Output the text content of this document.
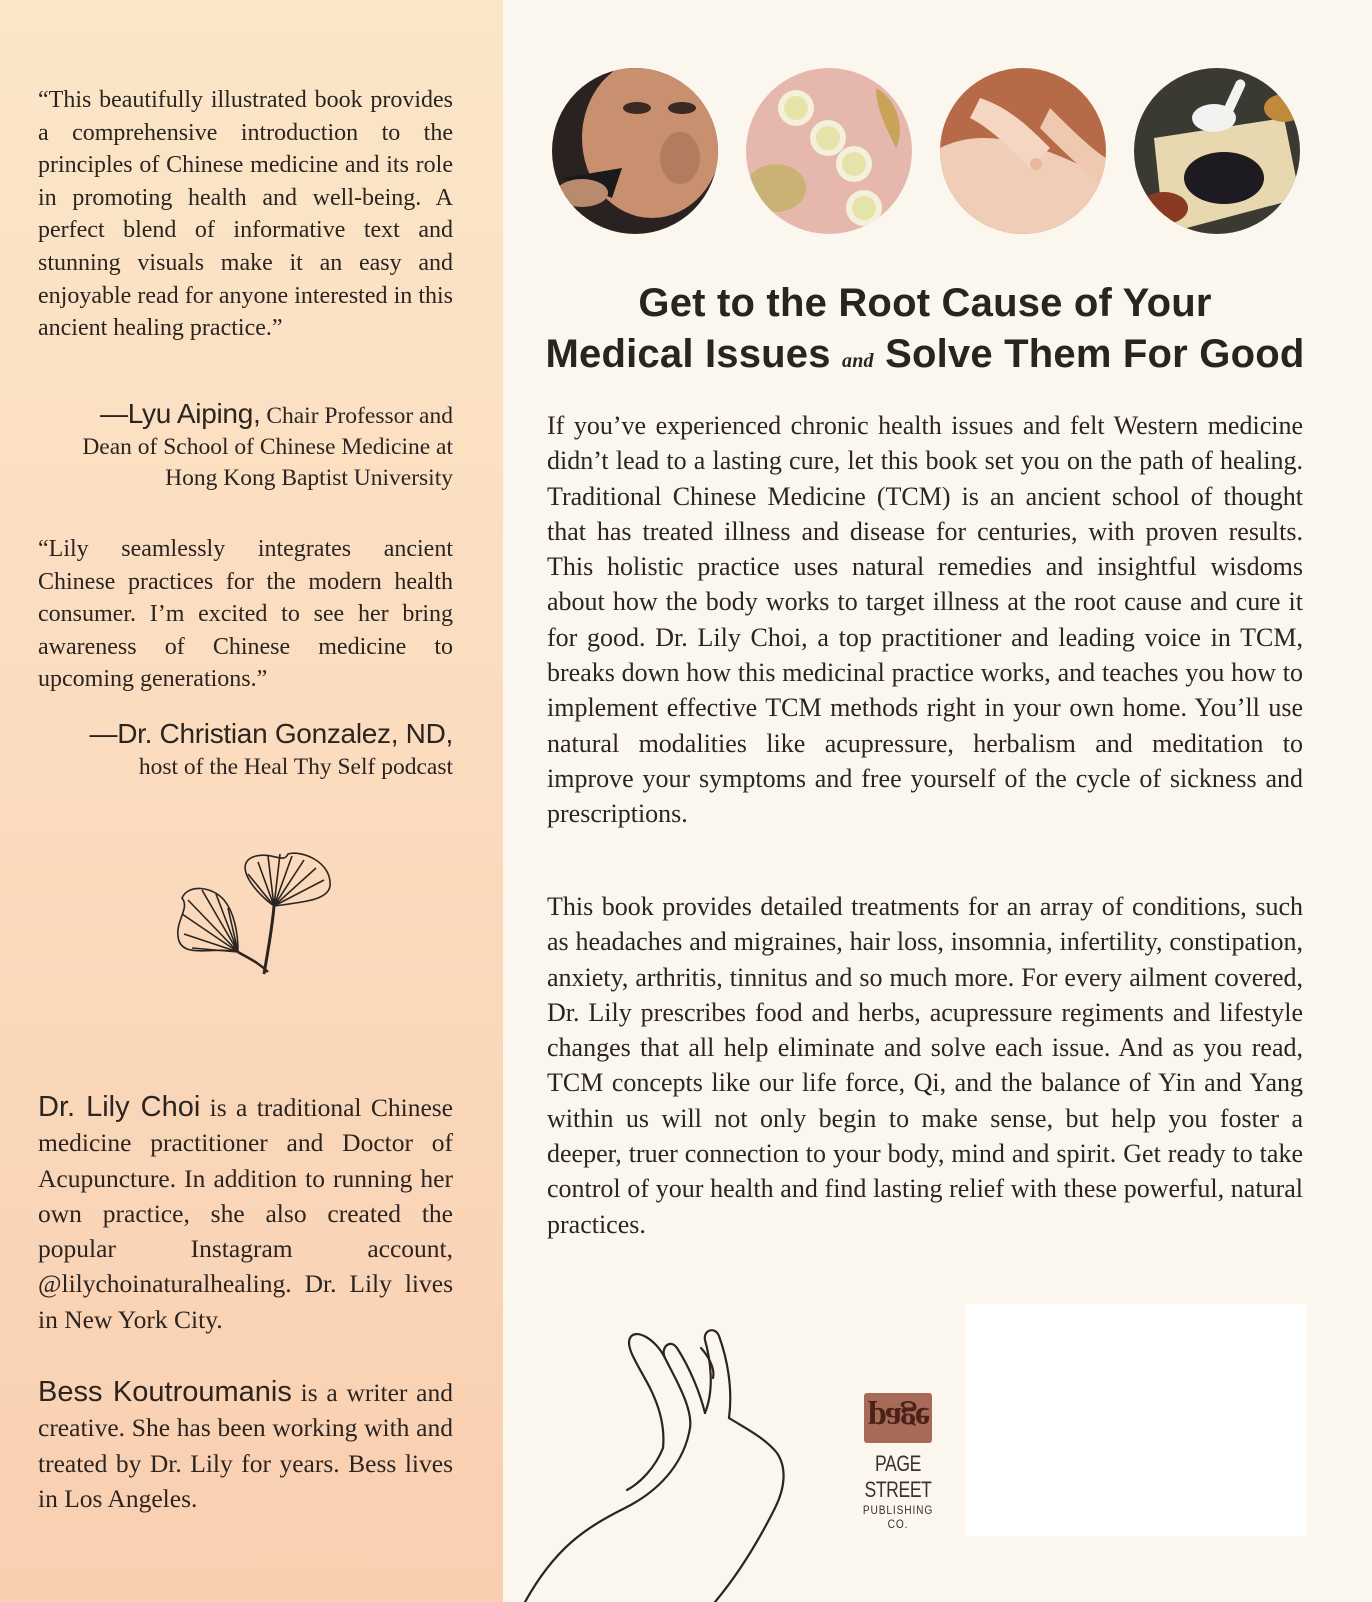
“This beautifully illustrated book provides a comprehensive introduction to the principles of Chinese medicine and its role in promoting health and well-being. A perfect blend of informative text and stunning visuals make it an easy and enjoyable read for anyone interested in this ancient healing practice.”

—Lyu Aiping, Chair Professor and
Dean of School of Chinese Medicine at
Hong Kong Baptist University

“Lily seamlessly integrates ancient Chinese practices for the modern health consumer. I’m excited to see her bring awareness of Chinese medicine to upcoming generations.”

—Dr. Christian Gonzalez, ND,
host of the Heal Thy Self podcast

Dr. Lily Choi is a traditional Chinese medicine practitioner and Doctor of Acupuncture. In addition to running her own practice, she also created the popular Instagram account, @lilychoinaturalhealing. Dr. Lily lives in New York City.

Bess Koutroumanis is a writer and creative. She has been working with and treated by Dr. Lily for years. Bess lives in Los Angeles.

Get to the Root Cause of Your
Medical Issues and Solve Them For Good

If you’ve experienced chronic health issues and felt Western medicine didn’t lead to a lasting cure, let this book set you on the path of healing. Traditional Chinese Medicine (TCM) is an ancient school of thought that has treated illness and disease for centuries, with proven results. This holistic practice uses natural remedies and insightful wisdoms about how the body works to target illness at the root cause and cure it for good. Dr. Lily Choi, a top practitioner and leading voice in TCM, breaks down how this medicinal practice works, and teaches you how to implement effective TCM methods right in your own home. You’ll use natural modalities like acupressure, herbalism and meditation to improve your symptoms and free yourself of the cycle of sickness and prescriptions.

This book provides detailed treatments for an array of conditions, such as headaches and migraines, hair loss, insomnia, infertility, constipation, anxiety, arthritis, tinnitus and so much more. For every ailment covered, Dr. Lily prescribes food and herbs, acupressure regiments and lifestyle changes that all help eliminate and solve each issue. And as you read, TCM concepts like our life force, Qi, and the balance of Yin and Yang within us will not only begin to make sense, but help you foster a deeper, truer connection to your body, mind and spirit. Get ready to take control of your health and find lasting relief with these powerful, natural practices.

page
PAGE STREET
PUBLISHING CO.
